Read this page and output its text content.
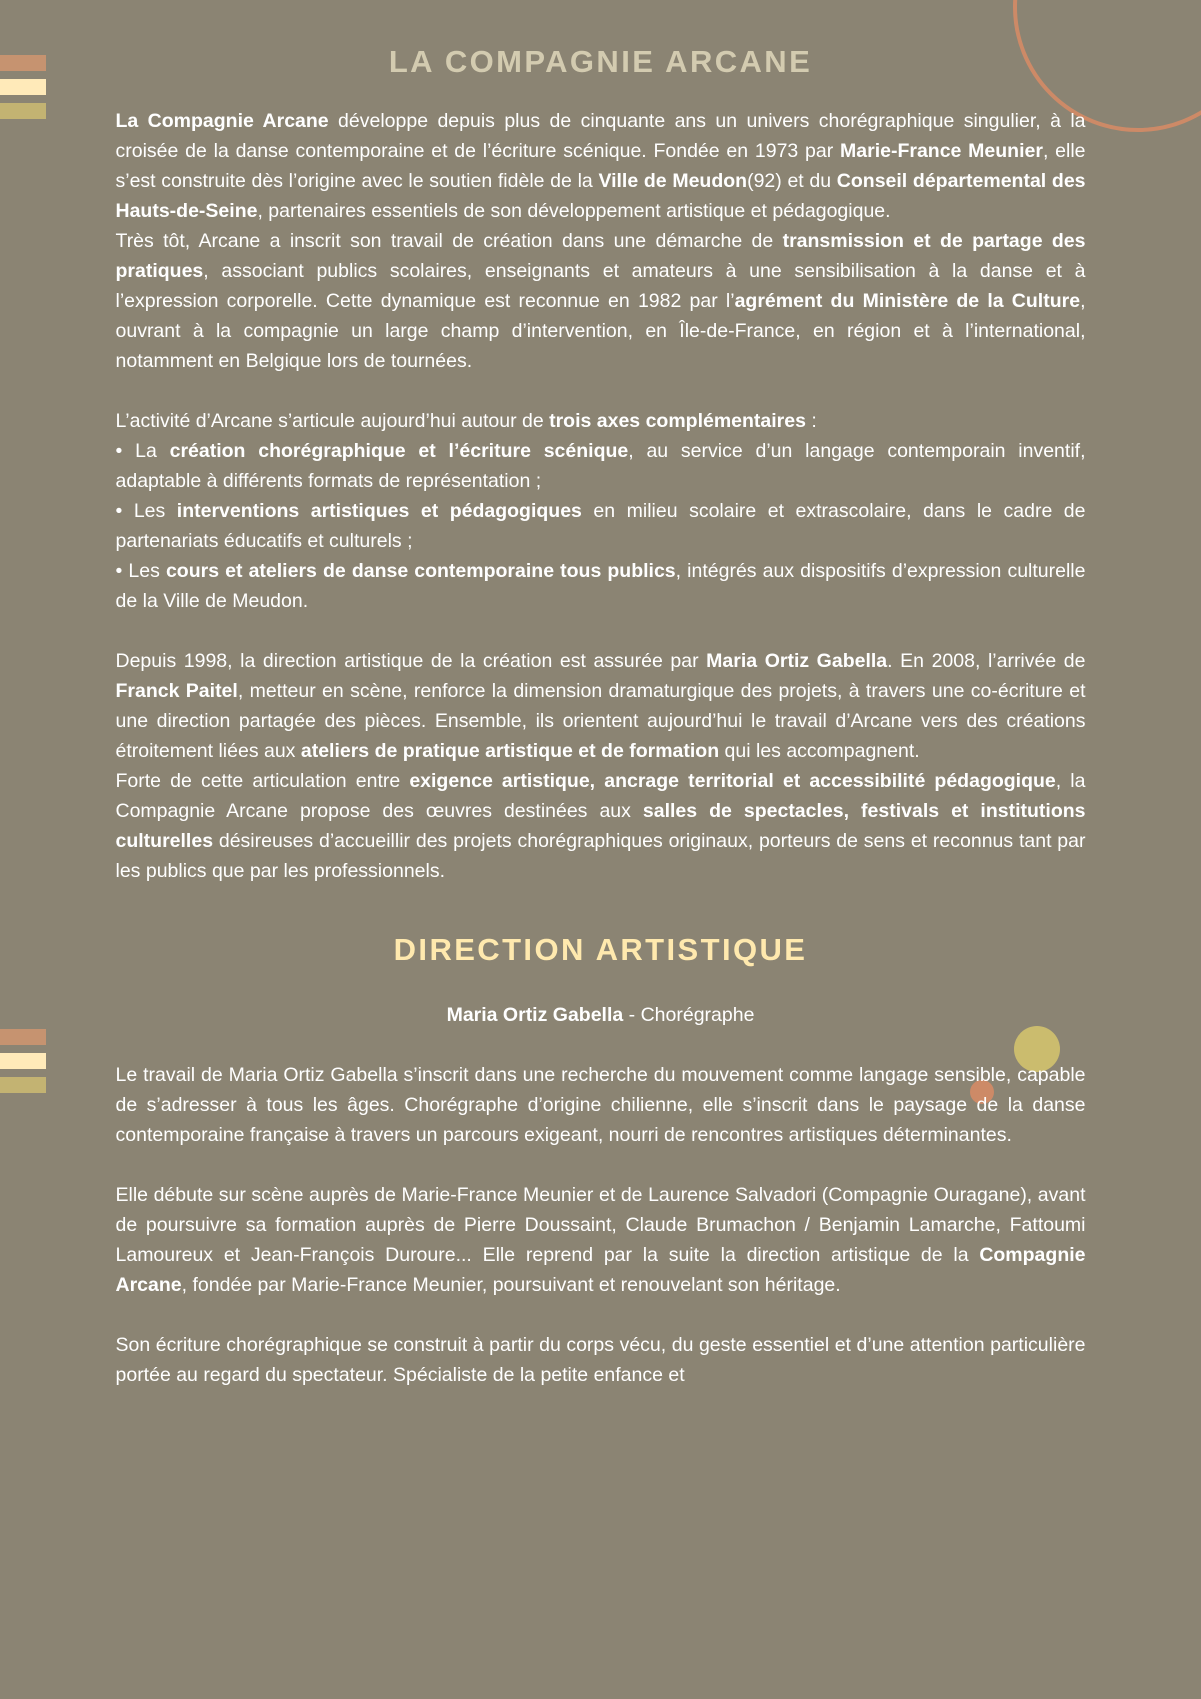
LA COMPAGNIE ARCANE
La Compagnie Arcane développe depuis plus de cinquante ans un univers chorégraphique singulier, à la croisée de la danse contemporaine et de l’écriture scénique. Fondée en 1973 par Marie-France Meunier, elle s’est construite dès l’origine avec le soutien fidèle de la Ville de Meudon(92) et du Conseil départemental des Hauts-de-Seine, partenaires essentiels de son développement artistique et pédagogique.
Très tôt, Arcane a inscrit son travail de création dans une démarche de transmission et de partage des pratiques, associant publics scolaires, enseignants et amateurs à une sensibilisation à la danse et à l’expression corporelle. Cette dynamique est reconnue en 1982 par l’agrément du Ministère de la Culture, ouvrant à la compagnie un large champ d’intervention, en Île-de-France, en région et à l’international, notamment en Belgique lors de tournées.
L’activité d’Arcane s’articule aujourd’hui autour de trois axes complémentaires :
• La création chorégraphique et l’écriture scénique, au service d’un langage contemporain inventif, adaptable à différents formats de représentation ;
• Les interventions artistiques et pédagogiques en milieu scolaire et extrascolaire, dans le cadre de partenariats éducatifs et culturels ;
• Les cours et ateliers de danse contemporaine tous publics, intégrés aux dispositifs d’expression culturelle de la Ville de Meudon.
Depuis 1998, la direction artistique de la création est assurée par Maria Ortiz Gabella. En 2008, l’arrivée de Franck Paitel, metteur en scène, renforce la dimension dramaturgique des projets, à travers une co-écriture et une direction partagée des pièces. Ensemble, ils orientent aujourd’hui le travail d’Arcane vers des créations étroitement liées aux ateliers de pratique artistique et de formation qui les accompagnent.
Forte de cette articulation entre exigence artistique, ancrage territorial et accessibilité pédagogique, la Compagnie Arcane propose des œuvres destinées aux salles de spectacles, festivals et institutions culturelles désireuses d’accueillir des projets chorégraphiques originaux, porteurs de sens et reconnus tant par les publics que par les professionnels.
DIRECTION ARTISTIQUE
Maria Ortiz Gabella - Chorégraphe
Le travail de Maria Ortiz Gabella s’inscrit dans une recherche du mouvement comme langage sensible, capable de s’adresser à tous les âges. Chorégraphe d’origine chilienne, elle s’inscrit dans le paysage de la danse contemporaine française à travers un parcours exigeant, nourri de rencontres artistiques déterminantes.
Elle débute sur scène auprès de Marie-France Meunier et de Laurence Salvadori (Compagnie Ouragane), avant de poursuivre sa formation auprès de Pierre Doussaint, Claude Brumachon / Benjamin Lamarche, Fattoumi Lamoureux et Jean-François Duroure... Elle reprend par la suite la direction artistique de la Compagnie Arcane, fondée par Marie-France Meunier, poursuivant et renouvelant son héritage.
Son écriture chorégraphique se construit à partir du corps vécu, du geste essentiel et d’une attention particulière portée au regard du spectateur. Spécialiste de la petite enfance et
